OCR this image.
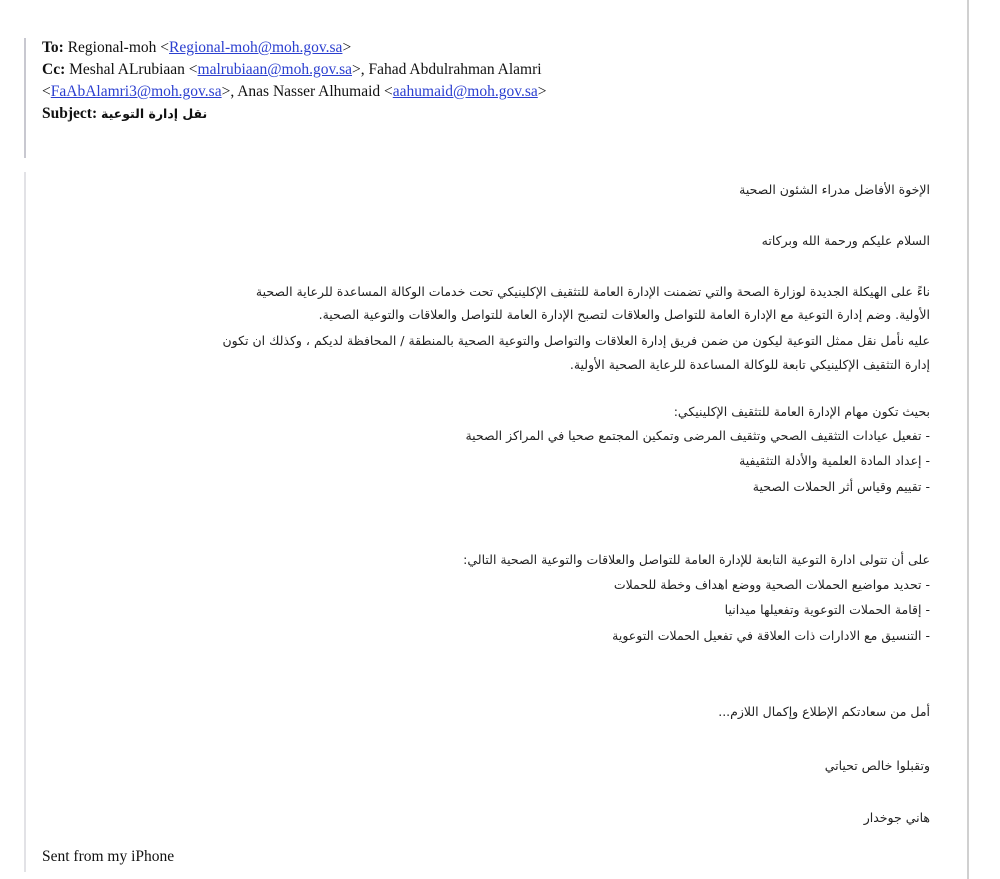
To: Regional-moh <Regional-moh@moh.gov.sa>
Cc: Meshal ALrubiaan <malrubiaan@moh.gov.sa>, Fahad Abdulrahman Alamri
<FaAbAlamri3@moh.gov.sa>, Anas Nasser Alhumaid <aahumaid@moh.gov.sa>
Subject: نقل إدارة التوعية
الإخوة الأفاضل مدراء الشئون الصحية
السلام عليكم ورحمة الله وبركاته
ناءً على الهيكلة الجديدة لوزارة الصحة والتي تضمنت الإدارة العامة للتثقيف الإكلينيكي تحت خدمات الوكالة المساعدة للرعاية الصحية
الأولية. وضم إدارة التوعية مع الإدارة العامة للتواصل والعلاقات لتصبح الإدارة العامة للتواصل والعلاقات والتوعية الصحية.
عليه نأمل نقل ممثل التوعية ليكون من ضمن فريق إدارة العلاقات والتواصل والتوعية الصحية بالمنطقة / المحافظة لديكم ، وكذلك ان تكون
إدارة التثقيف الإكلينيكي تابعة للوكالة المساعدة للرعاية الصحية الأولية.
بحيث تكون مهام الإدارة العامة للتثقيف الإكلينيكي:
- تفعيل عيادات التثقيف الصحي وتثقيف المرضى وتمكين المجتمع صحيا في المراكز الصحية
- إعداد المادة العلمية والأدلة التثقيفية
- تقييم وقياس أثر الحملات الصحية
على أن تتولى ادارة التوعية التابعة للإدارة العامة للتواصل والعلاقات والتوعية الصحية التالي:
- تحديد مواضيع الحملات الصحية ووضع اهداف وخطة للحملات
- إقامة الحملات التوعوية وتفعيلها ميدانيا
- التنسيق مع الادارات ذات العلاقة في تفعيل الحملات التوعوية
أمل من سعادتكم الإطلاع وإكمال اللازم...
وتقبلوا خالص تحياتي
هاني جوخدار
Sent from my iPhone
